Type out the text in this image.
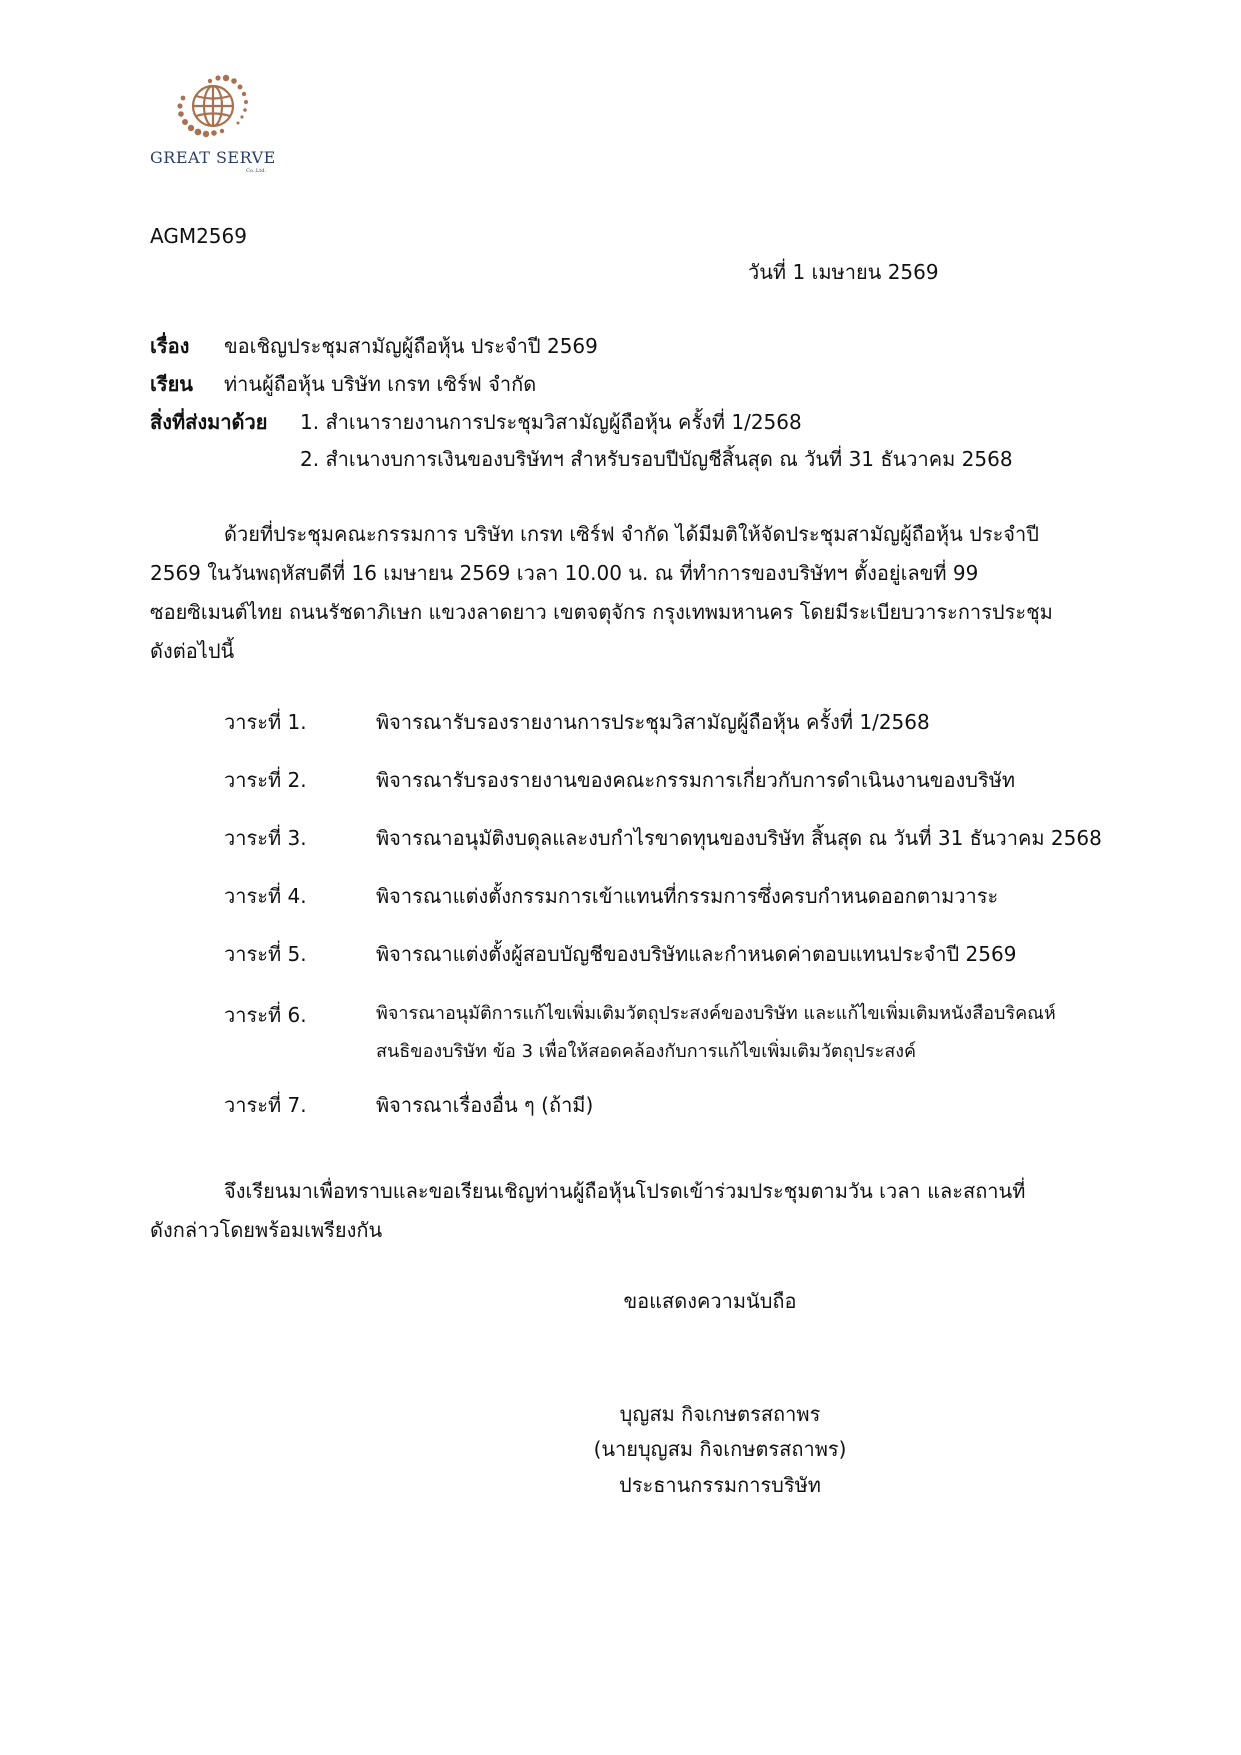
GREAT SERVE
Co.,Ltd.
AGM2569
วันที่ 1 เมษายน 2569
เรื่อง ขอเชิญประชุมสามัญผู้ถือหุ้น ประจำปี 2569
เรียน ท่านผู้ถือหุ้น บริษัท เกรท เซิร์ฟ จำกัด
สิ่งที่ส่งมาด้วย 1. สำเนารายงานการประชุมวิสามัญผู้ถือหุ้น ครั้งที่ 1/2568
2. สำเนางบการเงินของบริษัทฯ สำหรับรอบปีบัญชีสิ้นสุด ณ วันที่ 31 ธันวาคม 2568
ด้วยที่ประชุมคณะกรรมการ บริษัท เกรท เซิร์ฟ จำกัด ได้มีมติให้จัดประชุมสามัญผู้ถือหุ้น ประจำปี
2569 ในวันพฤหัสบดีที่ 16 เมษายน 2569 เวลา 10.00 น. ณ ที่ทำการของบริษัทฯ ตั้งอยู่เลขที่ 99
ซอยซิเมนต์ไทย ถนนรัชดาภิเษก แขวงลาดยาว เขตจตุจักร กรุงเทพมหานคร โดยมีระเบียบวาระการประชุม
ดังต่อไปนี้
วาระที่ 1.	พิจารณารับรองรายงานการประชุมวิสามัญผู้ถือหุ้น ครั้งที่ 1/2568
วาระที่ 2.	พิจารณารับรองรายงานของคณะกรรมการเกี่ยวกับการดำเนินงานของบริษัท
วาระที่ 3.	พิจารณาอนุมัติงบดุลและงบกำไรขาดทุนของบริษัท สิ้นสุด ณ วันที่ 31 ธันวาคม 2568
วาระที่ 4.	พิจารณาแต่งตั้งกรรมการเข้าแทนที่กรรมการซึ่งครบกำหนดออกตามวาระ
วาระที่ 5.	พิจารณาแต่งตั้งผู้สอบบัญชีของบริษัทและกำหนดค่าตอบแทนประจำปี 2569
วาระที่ 6.	พิจารณาอนุมัติการแก้ไขเพิ่มเติมวัตถุประสงค์ของบริษัท และแก้ไขเพิ่มเติมหนังสือบริคณห์
สนธิของบริษัท ข้อ 3 เพื่อให้สอดคล้องกับการแก้ไขเพิ่มเติมวัตถุประสงค์
วาระที่ 7.	พิจารณาเรื่องอื่น ๆ (ถ้ามี)
จึงเรียนมาเพื่อทราบและขอเรียนเชิญท่านผู้ถือหุ้นโปรดเข้าร่วมประชุมตามวัน เวลา และสถานที่
ดังกล่าวโดยพร้อมเพรียงกัน
ขอแสดงความนับถือ
บุญสม กิจเกษตรสถาพร
(นายบุญสม กิจเกษตรสถาพร)
ประธานกรรมการบริษัท
